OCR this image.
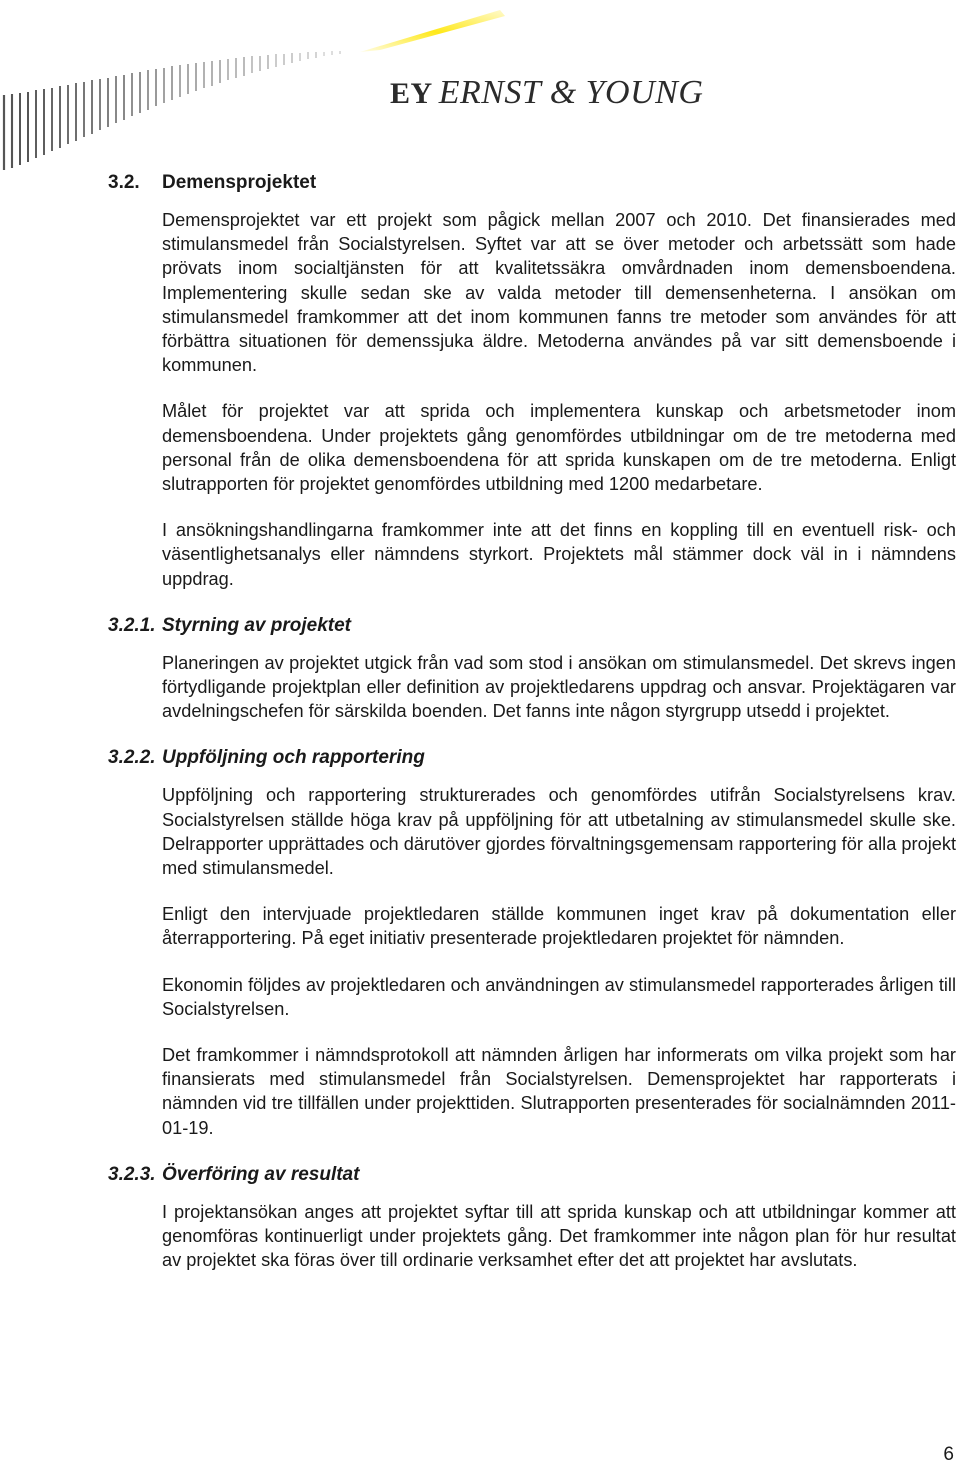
EY ERNST & YOUNG
3.2.	Demensprojektet

Demensprojektet var ett projekt som pågick mellan 2007 och 2010. Det finansierades med stimulansmedel från Socialstyrelsen. Syftet var att se över metoder och arbetssätt som hade prövats inom socialtjänsten för att kvalitetssäkra omvårdnaden inom demensboendena. Implementering skulle sedan ske av valda metoder till demensenheterna. I ansökan om stimulansmedel framkommer att det inom kommunen fanns tre metoder som användes för att förbättra situationen för demenssjuka äldre. Metoderna användes på var sitt demensboende i kommunen.

Målet för projektet var att sprida och implementera kunskap och arbetsmetoder inom demensboendena. Under projektets gång genomfördes utbildningar om de tre metoderna med personal från de olika demensboendena för att sprida kunskapen om de tre metoderna. Enligt slutrapporten för projektet genomfördes utbildning med 1200 medarbetare.

I ansökningshandlingarna framkommer inte att det finns en koppling till en eventuell risk- och väsentlighetsanalys eller nämndens styrkort. Projektets mål stämmer dock väl in i nämndens uppdrag.

3.2.1. Styrning av projektet

Planeringen av projektet utgick från vad som stod i ansökan om stimulansmedel. Det skrevs ingen förtydligande projektplan eller definition av projektledarens uppdrag och ansvar. Projektägaren var avdelningschefen för särskilda boenden. Det fanns inte någon styrgrupp utsedd i projektet.

3.2.2. Uppföljning och rapportering

Uppföljning och rapportering strukturerades och genomfördes utifrån Socialstyrelsens krav. Socialstyrelsen ställde höga krav på uppföljning för att utbetalning av stimulansmedel skulle ske. Delrapporter upprättades och därutöver gjordes förvaltningsgemensam rapportering för alla projekt med stimulansmedel.

Enligt den intervjuade projektledaren ställde kommunen inget krav på dokumentation eller återrapportering. På eget initiativ presenterade projektledaren projektet för nämnden.

Ekonomin följdes av projektledaren och användningen av stimulansmedel rapporterades årligen till Socialstyrelsen.

Det framkommer i nämndsprotokoll att nämnden årligen har informerats om vilka projekt som har finansierats med stimulansmedel från Socialstyrelsen. Demensprojektet har rapporterats i nämnden vid tre tillfällen under projekttiden. Slutrapporten presenterades för socialnämnden 2011-01-19.

3.2.3. Överföring av resultat

I projektansökan anges att projektet syftar till att sprida kunskap och att utbildningar kommer att genomföras kontinuerligt under projektets gång. Det framkommer inte någon plan för hur resultat av projektet ska föras över till ordinarie verksamhet efter det att projektet har avslutats.

6
